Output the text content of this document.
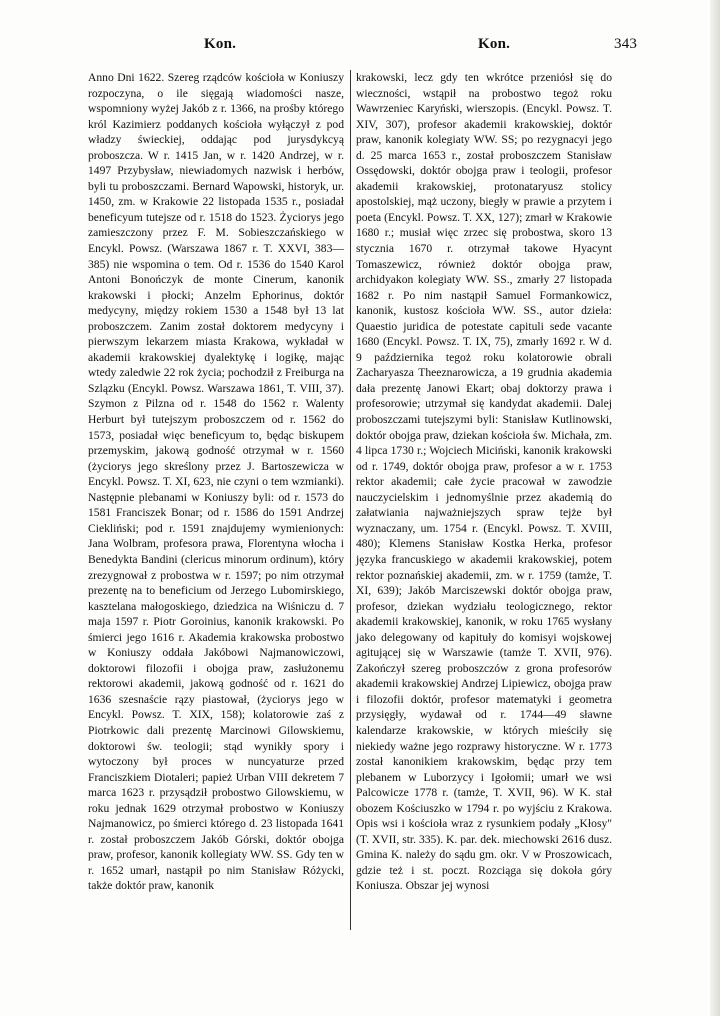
Kon.	Kon.	343

Anno Dni 1622. Szereg rządców kościoła w Koniuszy rozpoczyna, o ile sięgają wiadomości nasze, wspomniony wyżej Jakób z r. 1366, na prośby którego król Kazimierz poddanych kościoła wyłączył z pod władzy świeckiej, oddając pod jurysdykcyą proboszcza. W r. 1415 Jan, w r. 1420 Andrzej, w r. 1497 Przybysław, niewiadomych nazwisk i herbów, byli tu proboszczami. Bernard Wapowski, historyk, ur. 1450, zm. w Krakowie 22 listopada 1535 r., posiadał beneficyum tutejsze od r. 1518 do 1523. Życiorys jego zamieszczony przez F. M. Sobieszczańskiego w Encykl. Powsz. (Warszawa 1867 r. T. XXVI, 383—385) nie wspomina o tem. Od r. 1536 do 1540 Karol Antoni Bonończyk de monte Cinerum, kanonik krakowski i płocki; Anzelm Ephorinus, doktór medycyny, między rokiem 1530 a 1548 był 13 lat proboszczem. Zanim został doktorem medycyny i pierwszym lekarzem miasta Krakowa, wykładał w akademii krakowskiej dyalektykę i logikę, mając wtedy zaledwie 22 rok życia; pochodził z Freiburga na Szlązku (Encykl. Powsz. Warszawa 1861, T. VIII, 37). Szymon z Pilzna od r. 1548 do 1562 r. Walenty Herburt był tutejszym proboszczem od r. 1562 do 1573, posiadał więc beneficyum to, będąc biskupem przemyskim, jakową godność otrzymał w r. 1560 (życiorys jego skreślony przez J. Bartoszewicza w Encykl. Powsz. T. XI, 623, nie czyni o tem wzmianki). Następnie plebanami w Koniuszy byli: od r. 1573 do 1581 Franciszek Bonar; od r. 1586 do 1591 Andrzej Ciekliński; pod r. 1591 znajdujemy wymienionych: Jana Wolbram, profesora prawa, Florentyna włocha i Benedykta Bandini (clericus minorum ordinum), który zrezygnował z probostwa w r. 1597; po nim otrzymał prezentę na to beneficium od Jerzego Lubomirskiego, kasztelana małogoskiego, dziedzica na Wiśniczu d. 7 maja 1597 r. Piotr Goroinius, kanonik krakowski. Po śmierci jego 1616 r. Akademia krakowska probostwo w Koniuszy oddała Jakóbowi Najmanowiczowi, doktorowi filozofii i obojga praw, zasłużonemu rektorowi akademii, jakową godność od r. 1621 do 1636 szesnaście rązy piastował, (życiorys jego w Encykl. Powsz. T. XIX, 158); kolatorowie zaś z Piotrkowic dali prezentę Marcinowi Gilowskiemu, doktorowi św. teologii; stąd wynikły spory i wytoczony był proces w nuncyaturze przed Franciszkiem Diotaleri; papież Urban VIII dekretem 7 marca 1623 r. przysądził probostwo Gilowskiemu, w roku jednak 1629 otrzymał probostwo w Koniuszy Najmanowicz, po śmierci którego d. 23 listopada 1641 r. został proboszczem Jakób Górski, doktór obojga praw, profesor, kanonik kollegiaty WW. SS. Gdy ten w r. 1652 umarł, nastąpił po nim Stanisław Różycki, także doktór praw, kanonik

krakowski, lecz gdy ten wkrótce przeniósł się do wieczności, wstąpił na probostwo tegoż roku Wawrzeniec Karyński, wierszopis. (Encykl. Powsz. T. XIV, 307), profesor akademii krakowskiej, doktór praw, kanonik kolegiaty WW. SS; po rezygnacyi jego d. 25 marca 1653 r., został proboszczem Stanisław Ossędowski, doktór obojga praw i teologii, profesor akademii krakowskiej, protonataryusz stolicy apostolskiej, mąż uczony, biegły w prawie a przytem i poeta (Encykl. Powsz. T. XX, 127); zmarł w Krakowie 1680 r.; musiał więc zrzec się probostwa, skoro 13 stycznia 1670 r. otrzymał takowe Hyacynt Tomaszewicz, również doktór obojga praw, archidyakon kolegiaty WW. SS., zmarły 27 listopada 1682 r. Po nim nastąpił Samuel Formankowicz, kanonik, kustosz kościoła WW. SS., autor dzieła: Quaestio juridica de potestate capituli sede vacante 1680 (Encykl. Powsz. T. IX, 75), zmarły 1692 r. W d. 9 października tegoż roku kolatorowie obrali Zacharyasza Theeznarowicza, a 19 grudnia akademia dała prezentę Janowi Ekart; obaj doktorzy prawa i profesorowie; utrzymał się kandydat akademii. Dalej proboszczami tutejszymi byli: Stanisław Kutlinowski, doktór obojga praw, dziekan kościoła św. Michała, zm. 4 lipca 1730 r.; Wojciech Miciński, kanonik krakowski od r. 1749, doktór obojga praw, profesor a w r. 1753 rektor akademii; całe życie pracował w zawodzie nauczycielskim i jednomyślnie przez akademią do załatwiania najważniejszych spraw tejże był wyznaczany, um. 1754 r. (Encykl. Powsz. T. XVIII, 480); Klemens Stanisław Kostka Herka, profesor języka francuskiego w akademii krakowskiej, potem rektor poznańskiej akademii, zm. w r. 1759 (tamże, T. XI, 639); Jakób Marciszewski doktór obojga praw, profesor, dziekan wydziału teologicznego, rektor akademii krakowskiej, kanonik, w roku 1765 wysłany jako delegowany od kapituły do komisyi wojskowej agitującej się w Warszawie (tamże T. XVII, 976). Zakończył szereg proboszczów z grona profesorów akademii krakowskiej Andrzej Lipiewicz, obojga praw i filozofii doktór, profesor matematyki i geometra przysięgły, wydawał od r. 1744—49 sławne kalendarze krakowskie, w których mieściły się niekiedy ważne jego rozprawy historyczne. W r. 1773 został kanonikiem krakowskim, będąc przy tem plebanem w Luborzycy i Igołomii; umarł we wsi Palcowicze 1778 r. (tamże, T. XVII, 96). W K. stał obozem Kościuszko w 1794 r. po wyjściu z Krakowa. Opis wsi i kościoła wraz z rysunkiem podały „Kłosy" (T. XVII, str. 335). K. par. dek. miechowski 2616 dusz. Gmina K. należy do sądu gm. okr. V w Proszowicach, gdzie też i st. poczt. Rozciąga się dokoła góry Koniusza. Obszar jej wynosi
